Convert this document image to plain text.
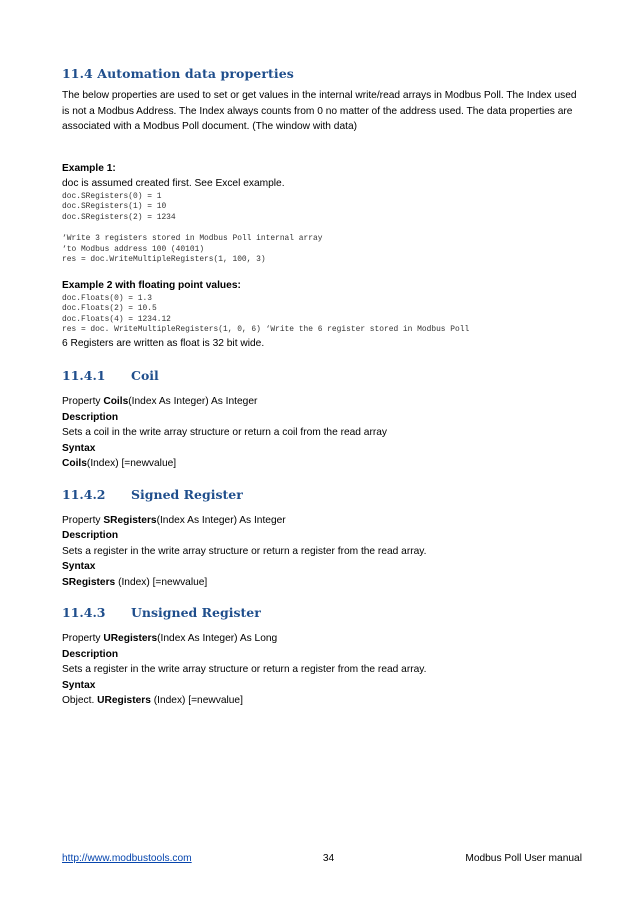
11.4 Automation data properties

The below properties are used to set or get values in the internal write/read arrays in Modbus Poll. The Index used is not a Modbus Address. The Index always counts from 0 no matter of the address used. The data properties are associated with a Modbus Poll document. (The window with data)

Example 1:

doc is assumed created first. See Excel example.

doc.SRegisters(0) = 1
doc.SRegisters(1) = 10
doc.SRegisters(2) = 1234
‘Write 3 registers stored in Modbus Poll internal array
‘to Modbus address 100 (40101)
res = doc.WriteMultipleRegisters(1, 100, 3)

Example 2 with floating point values:

doc.Floats(0) = 1.3
doc.Floats(2) = 10.5
doc.Floats(4) = 1234.12
res = doc. WriteMultipleRegisters(1, 0, 6) ‘Write the 6 register stored in Modbus Poll

6 Registers are written as float is 32 bit wide.

11.4.1	Coil

Property Coils(Index As Integer) As Integer

Description

Sets a coil in the write array structure or return a coil from the read array

Syntax

Coils(Index) [=newvalue]

11.4.2	Signed Register

Property SRegisters(Index As Integer) As Integer

Description

Sets a register in the write array structure or return a register from the read array.

Syntax

SRegisters (Index) [=newvalue]

11.4.3	Unsigned Register

Property URegisters(Index As Integer) As Long

Description

Sets a register in the write array structure or return a register from the read array.

Syntax

Object. URegisters (Index) [=newvalue]

http://www.modbustools.com	34	Modbus Poll User manual
